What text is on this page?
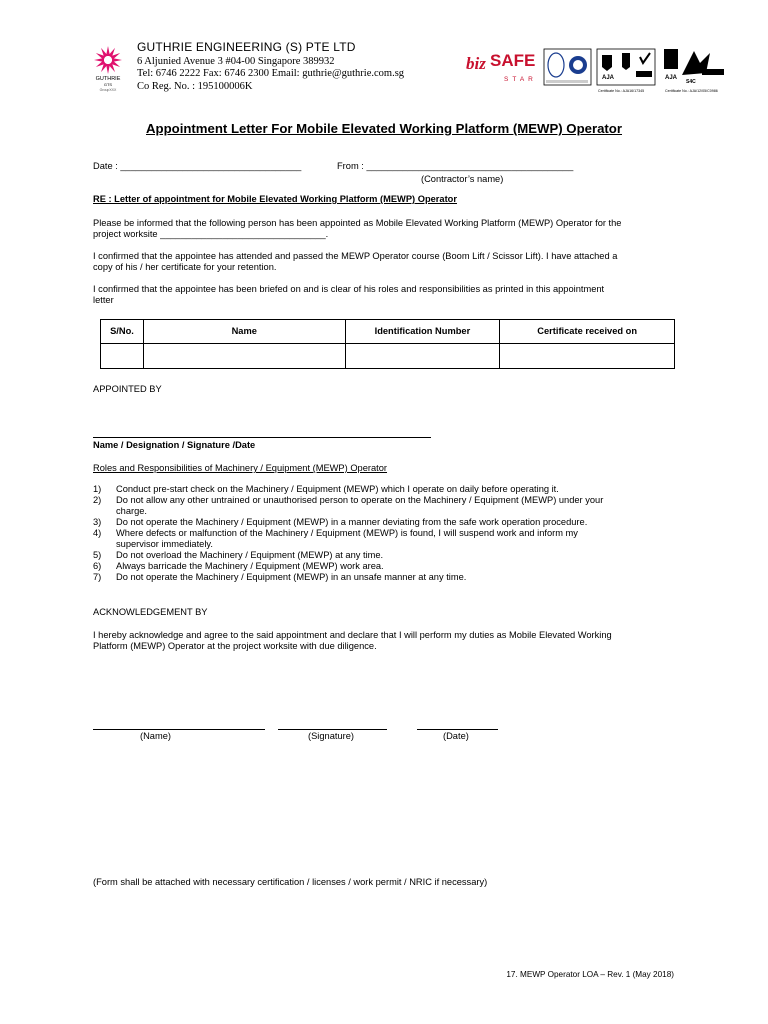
GUTHRIE
GTS
GroupXXX
GUTHRIE ENGINEERING (S) PTE LTD
6 Aljunied Avenue 3 #04-00 Singapore 389932
Tel: 6746 2222 Fax: 6746 2300 Email: guthrie@guthrie.com.sg
Co Reg. No. : 195100006K
biz SAFE
STAR	AJA
Certificate No.: AJA16/17345
AJA
S4C
Certificate No.: AJA/12/05/C0986
Appointment Letter For Mobile Elevated Working Platform (MEWP) Operator
Date : ___________________________________	From : ________________________________________
(Contractor’s name)
RE : Letter of appointment for Mobile Elevated Working Platform (MEWP) Operator
Please be informed that the following person has been appointed as Mobile Elevated Working Platform (MEWP) Operator for the
project worksite ________________________________.
I confirmed that the appointee has attended and passed the MEWP Operator course (Boom Lift / Scissor Lift). I have attached a
copy of his / her certificate for your retention.
I confirmed that the appointee has been briefed on and is clear of his roles and responsibilities as printed in this appointment
letter
S/No.	Name	Identification Number	Certificate received on

APPOINTED BY
Name / Designation / Signature /Date
Roles and Responsibilities of Machinery / Equipment (MEWP) Operator
1) Conduct pre-start check on the Machinery / Equipment (MEWP) which I operate on daily before operating it.
2) Do not allow any other untrained or unauthorised person to operate on the Machinery / Equipment (MEWP) under your
charge.
3) Do not operate the Machinery / Equipment (MEWP) in a manner deviating from the safe work operation procedure.
4) Where defects or malfunction of the Machinery / Equipment (MEWP) is found, I will suspend work and inform my
supervisor immediately.
5) Do not overload the Machinery / Equipment (MEWP) at any time.
6) Always barricade the Machinery / Equipment (MEWP) work area.
7) Do not operate the Machinery / Equipment (MEWP) in an unsafe manner at any time.
ACKNOWLEDGEMENT BY
I hereby acknowledge and agree to the said appointment and declare that I will perform my duties as Mobile Elevated Working
Platform (MEWP) Operator at the project worksite with due diligence.
(Name)	(Signature)	(Date)
(Form shall be attached with necessary certification / licenses / work permit / NRIC if necessary)
17. MEWP Operator LOA – Rev. 1 (May 2018)
